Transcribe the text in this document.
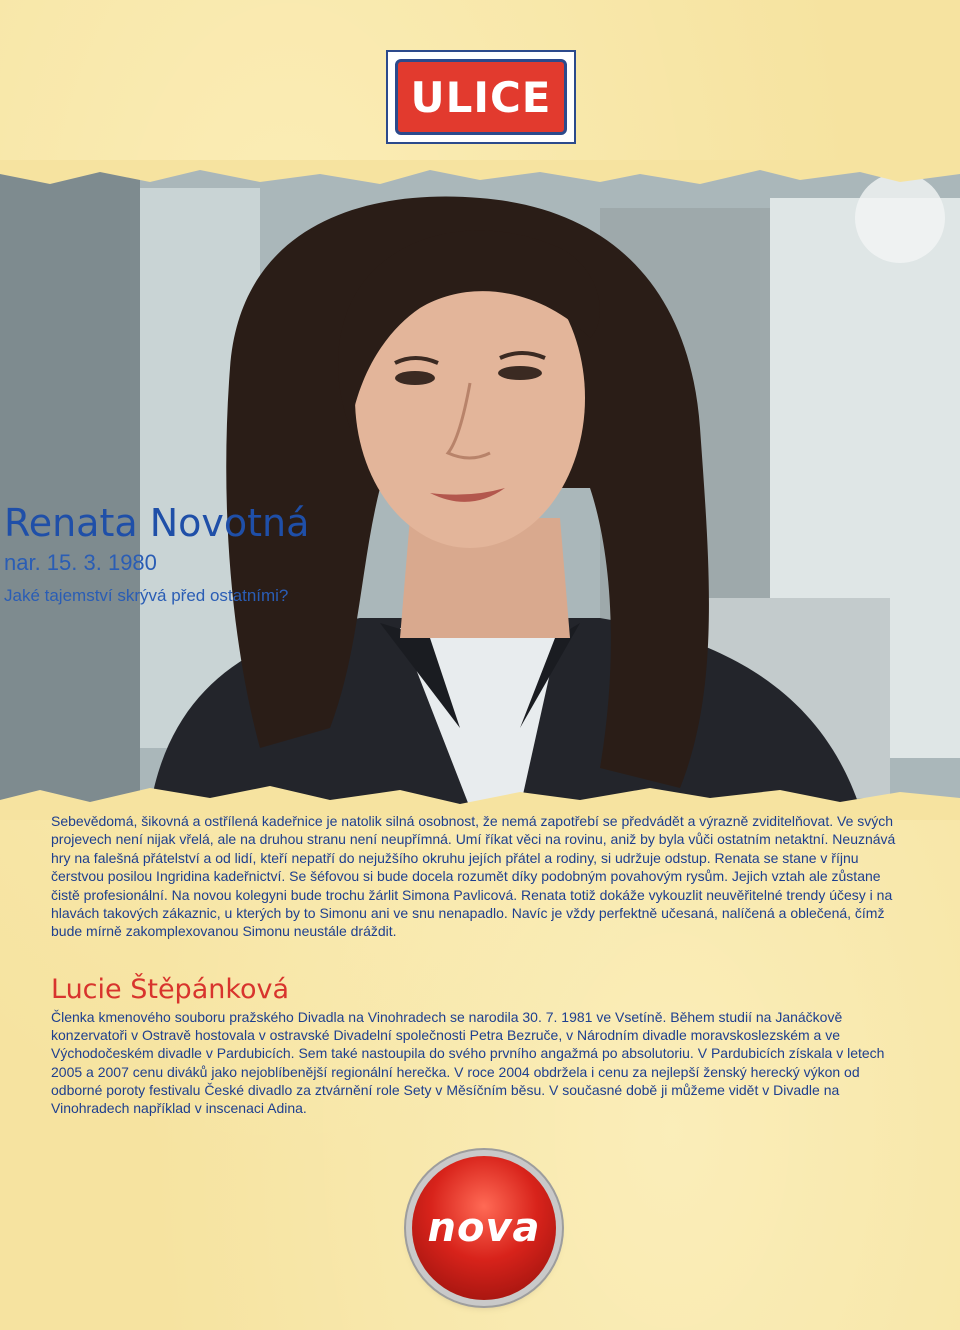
ULICE
Renata Novotná

nar. 15. 3. 1980

Jaké tajemství skrývá před ostatními?

Sebevědomá, šikovná a ostřílená kadeřnice je natolik silná osobnost, že nemá zapotřebí se předvádět a výrazně zviditelňovat. Ve svých projevech není nijak vřelá, ale na druhou stranu není neupřímná. Umí říkat věci na rovinu, aniž by byla vůči ostatním netaktní. Neuznává hry na falešná přátelství a od lidí, kteří nepatří do nejužšího okruhu jejích přátel a rodiny, si udržuje odstup. Renata se stane v říjnu čerstvou posilou Ingridina kadeřnictví. Se šéfovou si bude docela rozumět díky podobným povahovým rysům. Jejich vztah ale zůstane čistě profesionální. Na novou kolegyni bude trochu žárlit Simona Pavlicová. Renata totiž dokáže vykouzlit neuvěřitelné trendy účesy i na hlavách takových zákaznic, u kterých by to Simonu ani ve snu nenapadlo. Navíc je vždy perfektně učesaná, nalíčená a oblečená, čímž bude mírně zakomplexovanou Simonu neustále dráždit.

Lucie Štěpánková

Členka kmenového souboru pražského Divadla na Vinohradech se narodila 30. 7. 1981 ve Vsetíně. Během studií na Janáčkově konzervatoři v Ostravě hostovala v ostravské Divadelní společnosti Petra Bezruče, v Národním divadle moravskoslezském a ve Východočeském divadle v Pardubicích. Sem také nastoupila do svého prvního angažmá po absolutoriu. V Pardubicích získala v letech 2005 a 2007 cenu diváků jako nejoblíbenější regionální herečka. V roce 2004 obdržela i cenu za nejlepší ženský herecký výkon od odborné poroty festivalu České divadlo za ztvárnění role Sety v Měsíčním běsu. V současné době ji můžeme vidět v Divadle na Vinohradech například v inscenaci Adina.

nova
